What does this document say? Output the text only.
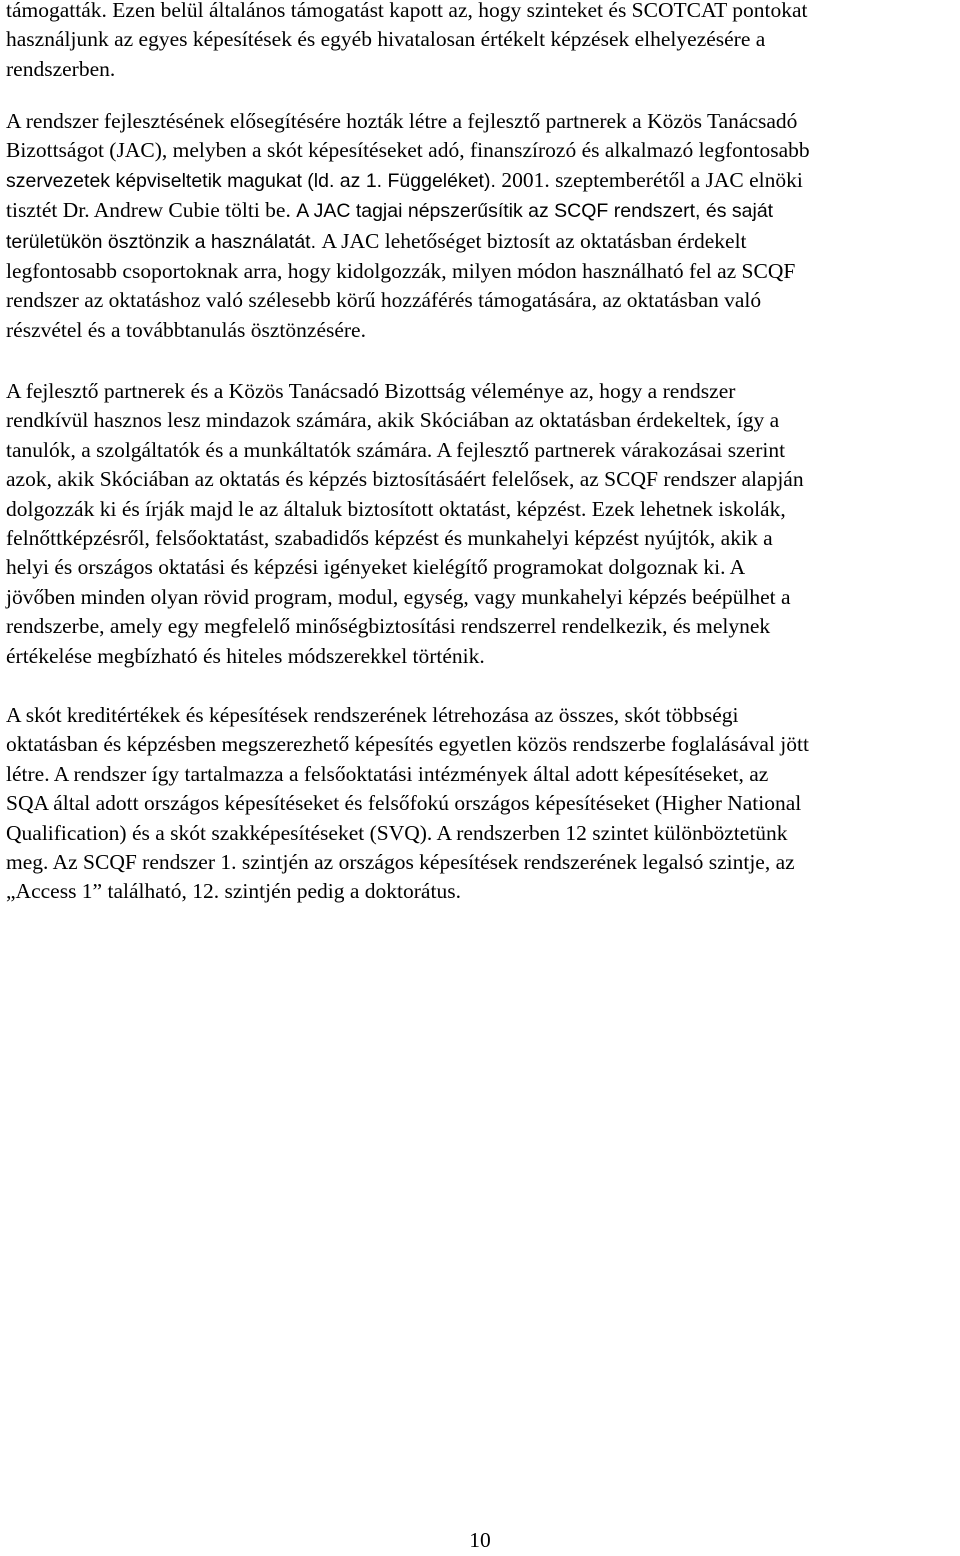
támogatták. Ezen belül általános támogatást kapott az, hogy szinteket és SCOTCAT pontokat
használjunk az egyes képesítések és egyéb hivatalosan értékelt képzések elhelyezésére a
rendszerben.
A rendszer fejlesztésének elősegítésére hozták létre a fejlesztő partnerek a Közös Tanácsadó
Bizottságot (JAC), melyben a skót képesítéseket adó, finanszírozó és alkalmazó legfontosabb
szervezetek képviseltetik magukat (ld. az 1. Függeléket). 2001. szeptemberétől a JAC elnöki
tisztét Dr. Andrew Cubie tölti be. A JAC tagjai népszerűsítik az SCQF rendszert, és saját
területükön ösztönzik a használatát. A JAC lehetőséget biztosít az oktatásban érdekelt
legfontosabb csoportoknak arra, hogy kidolgozzák, milyen módon használható fel az SCQF
rendszer az oktatáshoz való szélesebb körű hozzáférés támogatására, az oktatásban való
részvétel és a továbbtanulás ösztönzésére.
A fejlesztő partnerek és a Közös Tanácsadó Bizottság véleménye az, hogy a rendszer
rendkívül hasznos lesz mindazok számára, akik Skóciában az oktatásban érdekeltek, így a
tanulók, a szolgáltatók és a munkáltatók számára. A fejlesztő partnerek várakozásai szerint
azok, akik Skóciában az oktatás és képzés biztosításáért felelősek, az SCQF rendszer alapján
dolgozzák ki és írják majd le az általuk biztosított oktatást, képzést. Ezek lehetnek iskolák,
felnőttképzésről, felsőoktatást, szabadidős képzést és munkahelyi képzést nyújtók, akik a
helyi és országos oktatási és képzési igényeket kielégítő programokat dolgoznak ki. A
jövőben minden olyan rövid program, modul, egység, vagy munkahelyi képzés beépülhet a
rendszerbe, amely egy megfelelő minőségbiztosítási rendszerrel rendelkezik, és melynek
értékelése megbízható és hiteles módszerekkel történik.
A skót kreditértékek és képesítések rendszerének létrehozása az összes, skót többségi
oktatásban és képzésben megszerezhető képesítés egyetlen közös rendszerbe foglalásával jött
létre. A rendszer így tartalmazza a felsőoktatási intézmények által adott képesítéseket, az
SQA által adott országos képesítéseket és felsőfokú országos képesítéseket (Higher National
Qualification) és a skót szakképesítéseket (SVQ). A rendszerben 12 szintet különböztetünk
meg. Az SCQF rendszer 1. szintjén az országos képesítések rendszerének legalsó szintje, az
„Access 1” található, 12. szintjén pedig a doktorátus.
10
